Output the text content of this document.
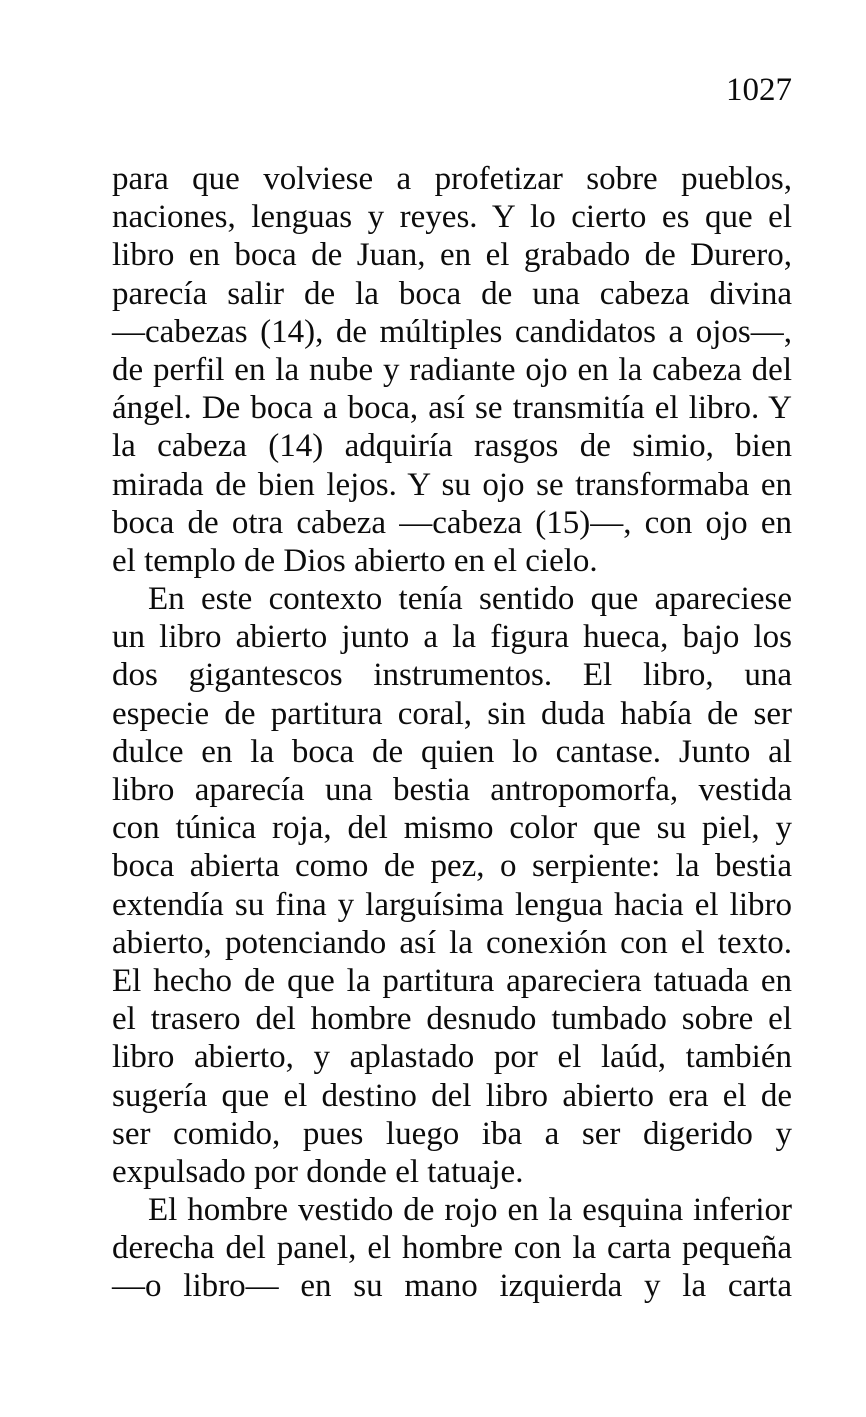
1027
para que volviese a profetizar sobre pueblos,
naciones, lenguas y reyes. Y lo cierto es que el
libro en boca de Juan, en el grabado de Durero,
parecía salir de la boca de una cabeza divina
—cabezas (14), de múltiples candidatos a ojos—,
de perfil en la nube y radiante ojo en la cabeza del
ángel. De boca a boca, así se transmitía el libro. Y
la cabeza (14) adquiría rasgos de simio, bien
mirada de bien lejos. Y su ojo se transformaba en
boca de otra cabeza —cabeza (15)—, con ojo en
el templo de Dios abierto en el cielo.
En este contexto tenía sentido que apareciese
un libro abierto junto a la figura hueca, bajo los
dos gigantescos instrumentos. El libro, una
especie de partitura coral, sin duda había de ser
dulce en la boca de quien lo cantase. Junto al
libro aparecía una bestia antropomorfa, vestida
con túnica roja, del mismo color que su piel, y
boca abierta como de pez, o serpiente: la bestia
extendía su fina y larguísima lengua hacia el libro
abierto, potenciando así la conexión con el texto.
El hecho de que la partitura apareciera tatuada en
el trasero del hombre desnudo tumbado sobre el
libro abierto, y aplastado por el laúd, también
sugería que el destino del libro abierto era el de
ser comido, pues luego iba a ser digerido y
expulsado por donde el tatuaje.
El hombre vestido de rojo en la esquina inferior
derecha del panel, el hombre con la carta pequeña
—o libro— en su mano izquierda y la carta
